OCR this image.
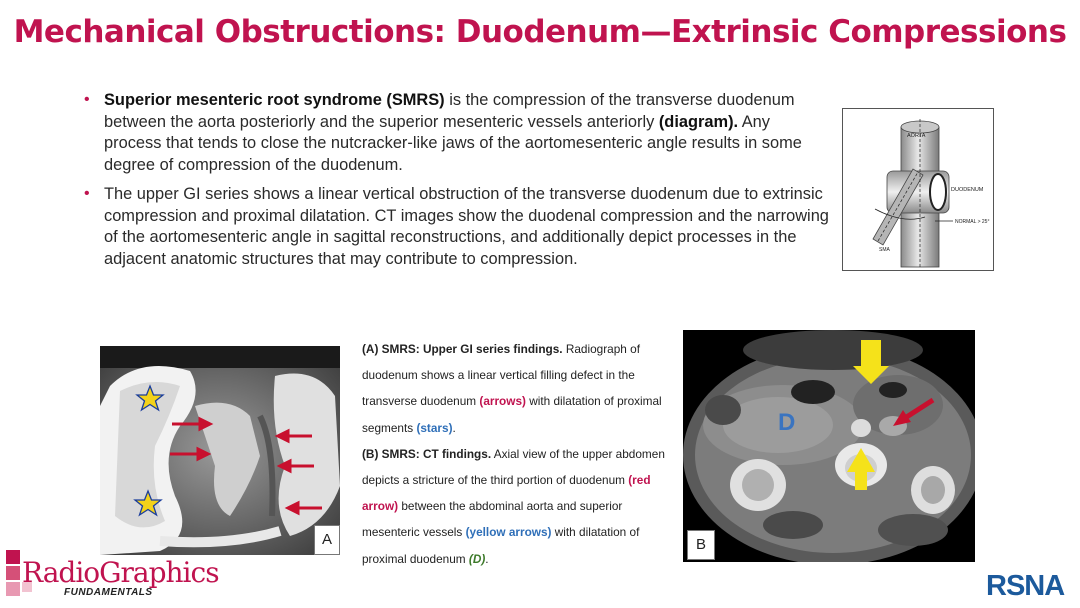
Mechanical Obstructions: Duodenum—Extrinsic Compressions
• Superior mesenteric root syndrome (SMRS) is the compression of the transverse duodenum between the aorta posteriorly and the superior mesenteric vessels anteriorly (diagram). Any process that tends to close the nutcracker-like jaws of the aortomesenteric angle results in some degree of compression of the duodenum.
• The upper GI series shows a linear vertical obstruction of the transverse duodenum due to extrinsic compression and proximal dilatation. CT images show the duodenal compression and the narrowing of the aortomesenteric angle in sagittal reconstructions, and additionally depict processes in the adjacent anatomic structures that may contribute to compression.
AORTA
DUODENUM
NORMAL > 25°
SMA
A
(A) SMRS: Upper GI series findings. Radiograph of duodenum shows a linear vertical filling defect in the transverse duodenum (arrows) with dilatation of proximal segments (stars).
(B) SMRS: CT findings. Axial view of the upper abdomen depicts a stricture of the third portion of duodenum (red arrow) between the abdominal aorta and superior mesenteric vessels (yellow arrows) with dilatation of proximal duodenum (D).
D
B
RadioGraphics
FUNDAMENTALS	RSNA
